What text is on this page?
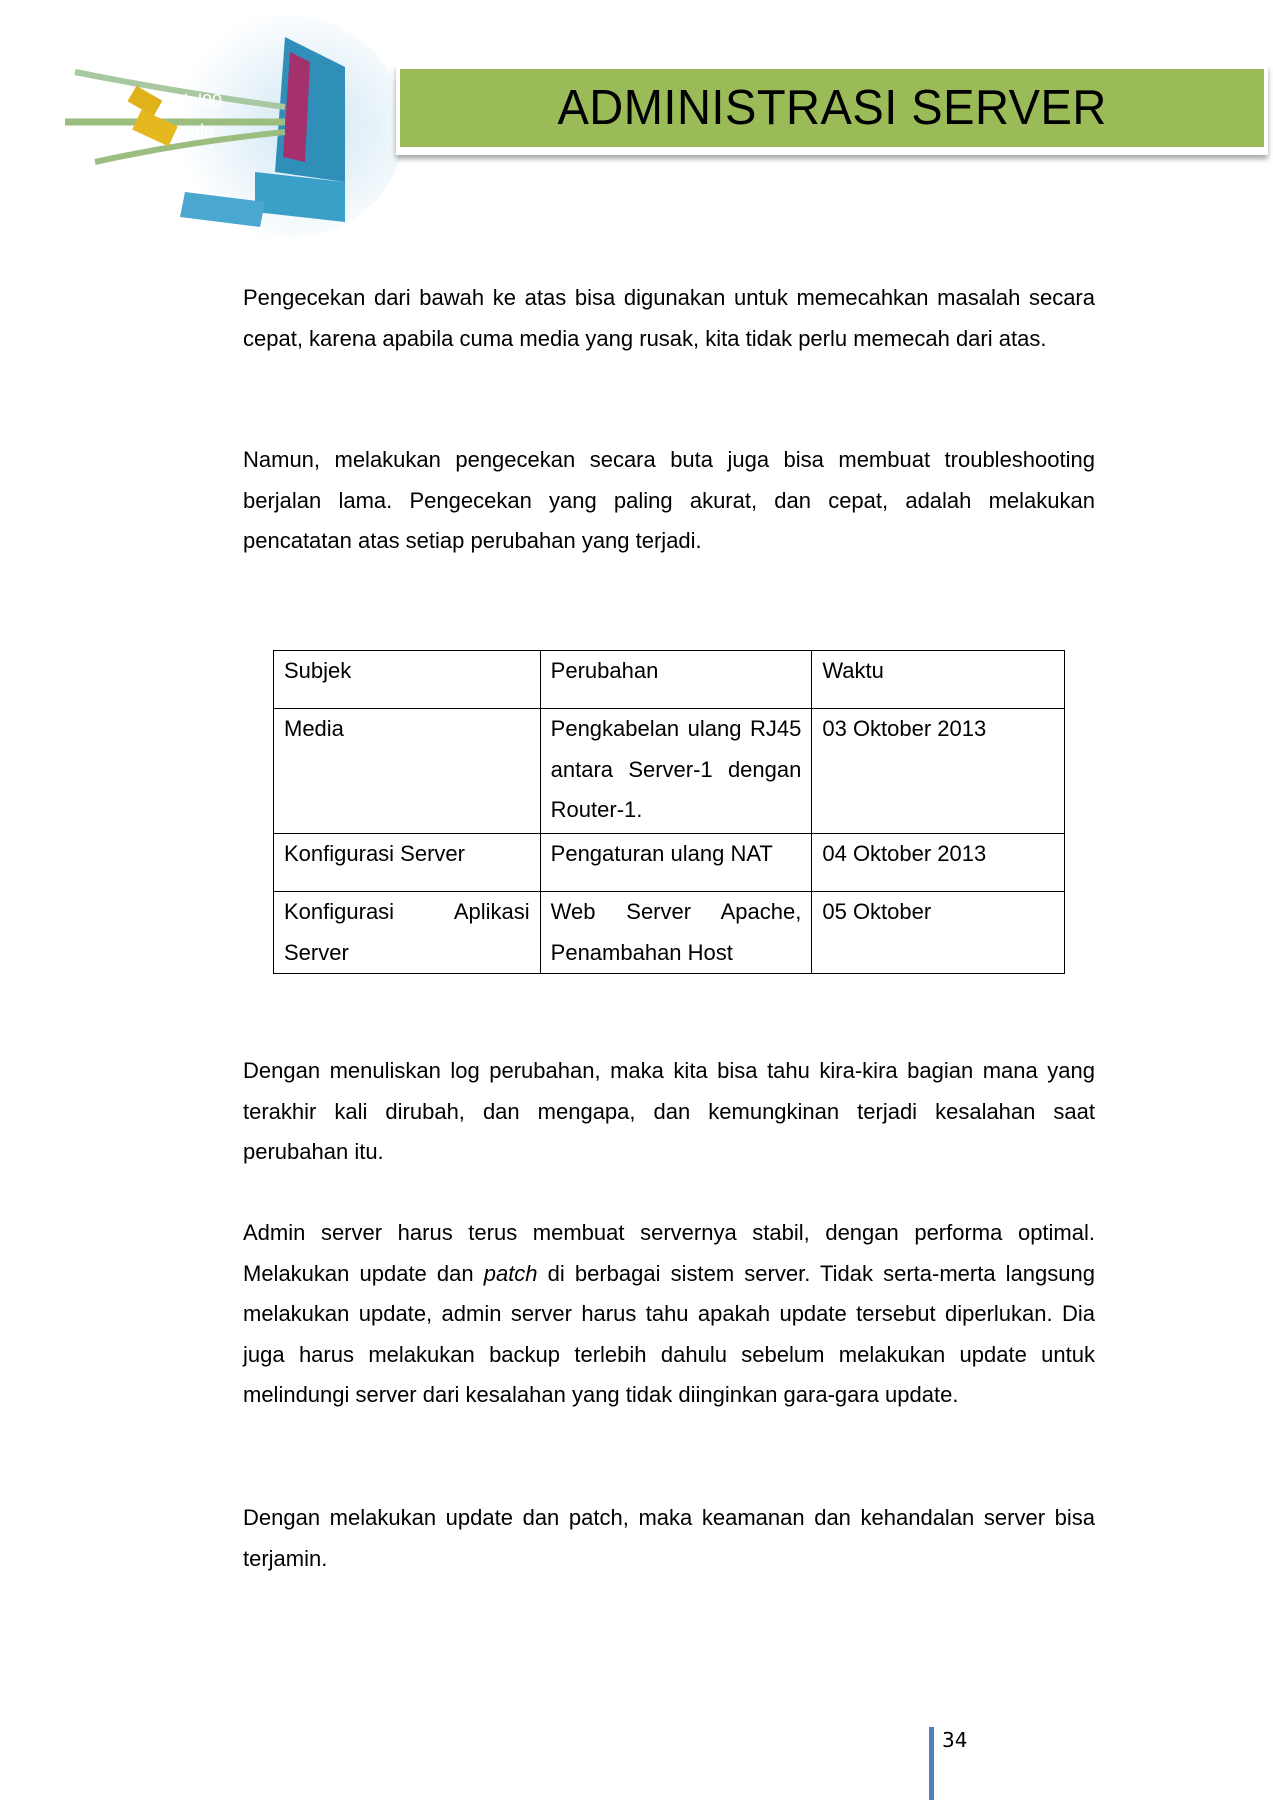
lolol00
olo	ADMINISTRASI SERVER

Pengecekan dari bawah ke atas bisa digunakan untuk memecahkan masalah secara cepat, karena apabila cuma media yang rusak, kita tidak perlu memecah dari atas.

Namun, melakukan pengecekan secara buta juga bisa membuat troubleshooting berjalan lama. Pengecekan yang paling akurat, dan cepat, adalah melakukan pencatatan atas setiap perubahan yang terjadi.

Subjek	Perubahan	Waktu
Media	Pengkabelan ulang RJ45 antara Server-1 dengan Router-1.	03 Oktober 2013
Konfigurasi Server	Pengaturan ulang NAT	04 Oktober 2013
Konfigurasi Aplikasi Server	Web Server Apache, Penambahan Host	05 Oktober

Dengan menuliskan log perubahan, maka kita bisa tahu kira-kira bagian mana yang terakhir kali dirubah, dan mengapa, dan kemungkinan terjadi kesalahan saat perubahan itu.

Admin server harus terus membuat servernya stabil, dengan performa optimal. Melakukan update dan patch di berbagai sistem server. Tidak serta-merta langsung melakukan update, admin server harus tahu apakah update tersebut diperlukan. Dia juga harus melakukan backup terlebih dahulu sebelum melakukan update untuk melindungi server dari kesalahan yang tidak diinginkan gara-gara update.

Dengan melakukan update dan patch, maka keamanan dan kehandalan server bisa terjamin.

34
